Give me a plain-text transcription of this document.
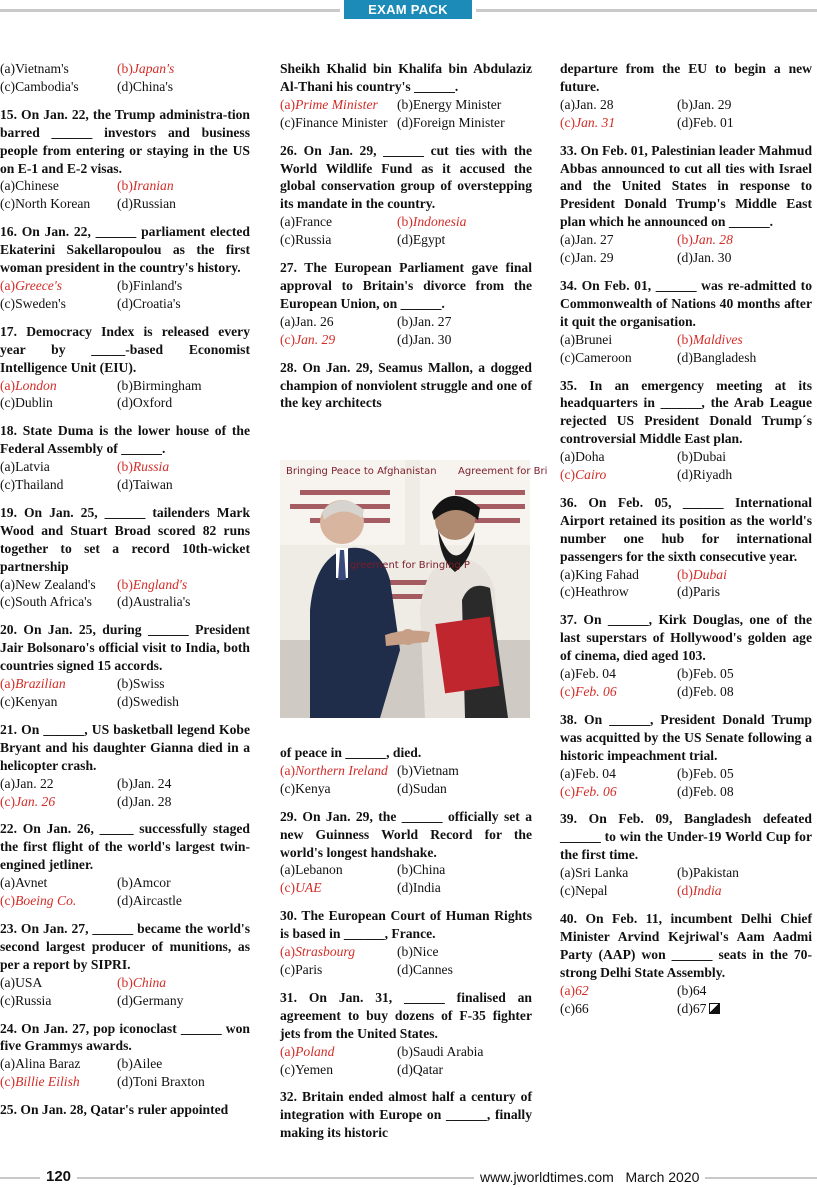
EXAM PACK
(a)Vietnam's	(b)Japan's
(c)Cambodia's	(d)China's
15. On Jan. 22, the Trump administra-tion barred ______ investors and business people from entering or staying in the US on E-1 and E-2 visas.
(a)Chinese	(b)Iranian
(c)North Korean	(d)Russian
16. On Jan. 22, ______ parliament elected Ekaterini Sakellaropoulou as the first woman president in the country's history.
(a)Greece's	(b)Finland's
(c)Sweden's	(d)Croatia's
17. Democracy Index is released every year by _____-based Economist Intelligence Unit (EIU).
(a)London	(b)Birmingham
(c)Dublin	(d)Oxford
18. State Duma is the lower house of the Federal Assembly of ______.
(a)Latvia	(b)Russia
(c)Thailand	(d)Taiwan
19. On Jan. 25, ______ tailenders Mark Wood and Stuart Broad scored 82 runs together to set a record 10th-wicket partnership
(a)New Zealand's	(b)England's
(c)South Africa's	(d)Australia's
20. On Jan. 25, during ______ President Jair Bolsonaro's official visit to India, both countries signed 15 accords.
(a)Brazilian	(b)Swiss
(c)Kenyan	(d)Swedish
21. On ______, US basketball legend Kobe Bryant and his daughter Gianna died in a helicopter crash.
(a)Jan. 22	(b)Jan. 24
(c)Jan. 26	(d)Jan. 28
22. On Jan. 26, _____ successfully staged the first flight of the world's largest twin-engined jetliner.
(a)Avnet	(b)Amcor
(c)Boeing Co.	(d)Aircastle
23. On Jan. 27, ______ became the world's second largest producer of munitions, as per a report by SIPRI.
(a)USA	(b)China
(c)Russia	(d)Germany
24. On Jan. 27, pop iconoclast ______ won five Grammys awards.
(a)Alina Baraz	(b)Ailee
(c)Billie Eilish	(d)Toni Braxton
25. On Jan. 28, Qatar's ruler appointed
Sheikh Khalid bin Khalifa bin Abdulaziz Al-Thani his country's ______.
(a)Prime Minister	(b)Energy Minister
(c)Finance Minister (d)Foreign Minister
26. On Jan. 29, ______ cut ties with the World Wildlife Fund as it accused the global conservation group of overstepping its mandate in the country.
(a)France	(b)Indonesia
(c)Russia	(d)Egypt
27. The European Parliament gave final approval to Britain's divorce from the European Union, on ______.
(a)Jan. 26	(b)Jan. 27
(c)Jan. 29	(d)Jan. 30
28. On Jan. 29, Seamus Mallon, a dogged champion of nonviolent struggle and one of the key architects
of peace in ______, died.
(a)Northern Ireland (b)Vietnam
(c)Kenya	(d)Sudan
29. On Jan. 29, the ______ officially set a new Guinness World Record for the world's longest handshake.
(a)Lebanon	(b)China
(c)UAE	(d)India
30. The European Court of Human Rights is based in ______, France.
(a)Strasbourg	(b)Nice
(c)Paris	(d)Cannes
31. On Jan. 31, ______ finalised an agreement to buy dozens of F-35 fighter jets from the United States.
(a)Poland	(b)Saudi Arabia
(c)Yemen	(d)Qatar
32. Britain ended almost half a century of integration with Europe on ______, finally making its historic
departure from the EU to begin a new future.
(a)Jan. 28	(b)Jan. 29
(c)Jan. 31	(d)Feb. 01
33. On Feb. 01, Palestinian leader Mahmud Abbas announced to cut all ties with Israel and the United States in response to President Donald Trump's Middle East plan which he announced on ______.
(a)Jan. 27	(b)Jan. 28
(c)Jan. 29	(d)Jan. 30
34. On Feb. 01, ______ was re-admitted to Commonwealth of Nations 40 months after it quit the organisation.
(a)Brunei	(b)Maldives
(c)Cameroon	(d)Bangladesh
35. In an emergency meeting at its headquarters in ______, the Arab League rejected US President Donald Trump´s controversial Middle East plan.
(a)Doha	(b)Dubai
(c)Cairo	(d)Riyadh
36. On Feb. 05, ______ International Airport retained its position as the world's number one hub for international passengers for the sixth consecutive year.
(a)King Fahad	(b)Dubai
(c)Heathrow	(d)Paris
37. On ______, Kirk Douglas, one of the last superstars of Hollywood's golden age of cinema, died aged 103.
(a)Feb. 04	(b)Feb. 05
(c)Feb. 06	(d)Feb. 08
38. On ______, President Donald Trump was acquitted by the US Senate following a historic impeachment trial.
(a)Feb. 04	(b)Feb. 05
(c)Feb. 06	(d)Feb. 08
39. On Feb. 09, Bangladesh defeated ______ to win the Under-19 World Cup for the first time.
(a)Sri Lanka	(b)Pakistan
(c)Nepal	(d)India
40. On Feb. 11, incumbent Delhi Chief Minister Arvind Kejriwal's Aam Aadmi Party (AAP) won ______ seats in the 70-strong Delhi State Assembly.
(a)62	(b)64
(c)66	(d)67
Bringing Peace to Afghanistan Agreement for Bri
greement for Bringing P
120	www.jworldtimes.com March 2020
